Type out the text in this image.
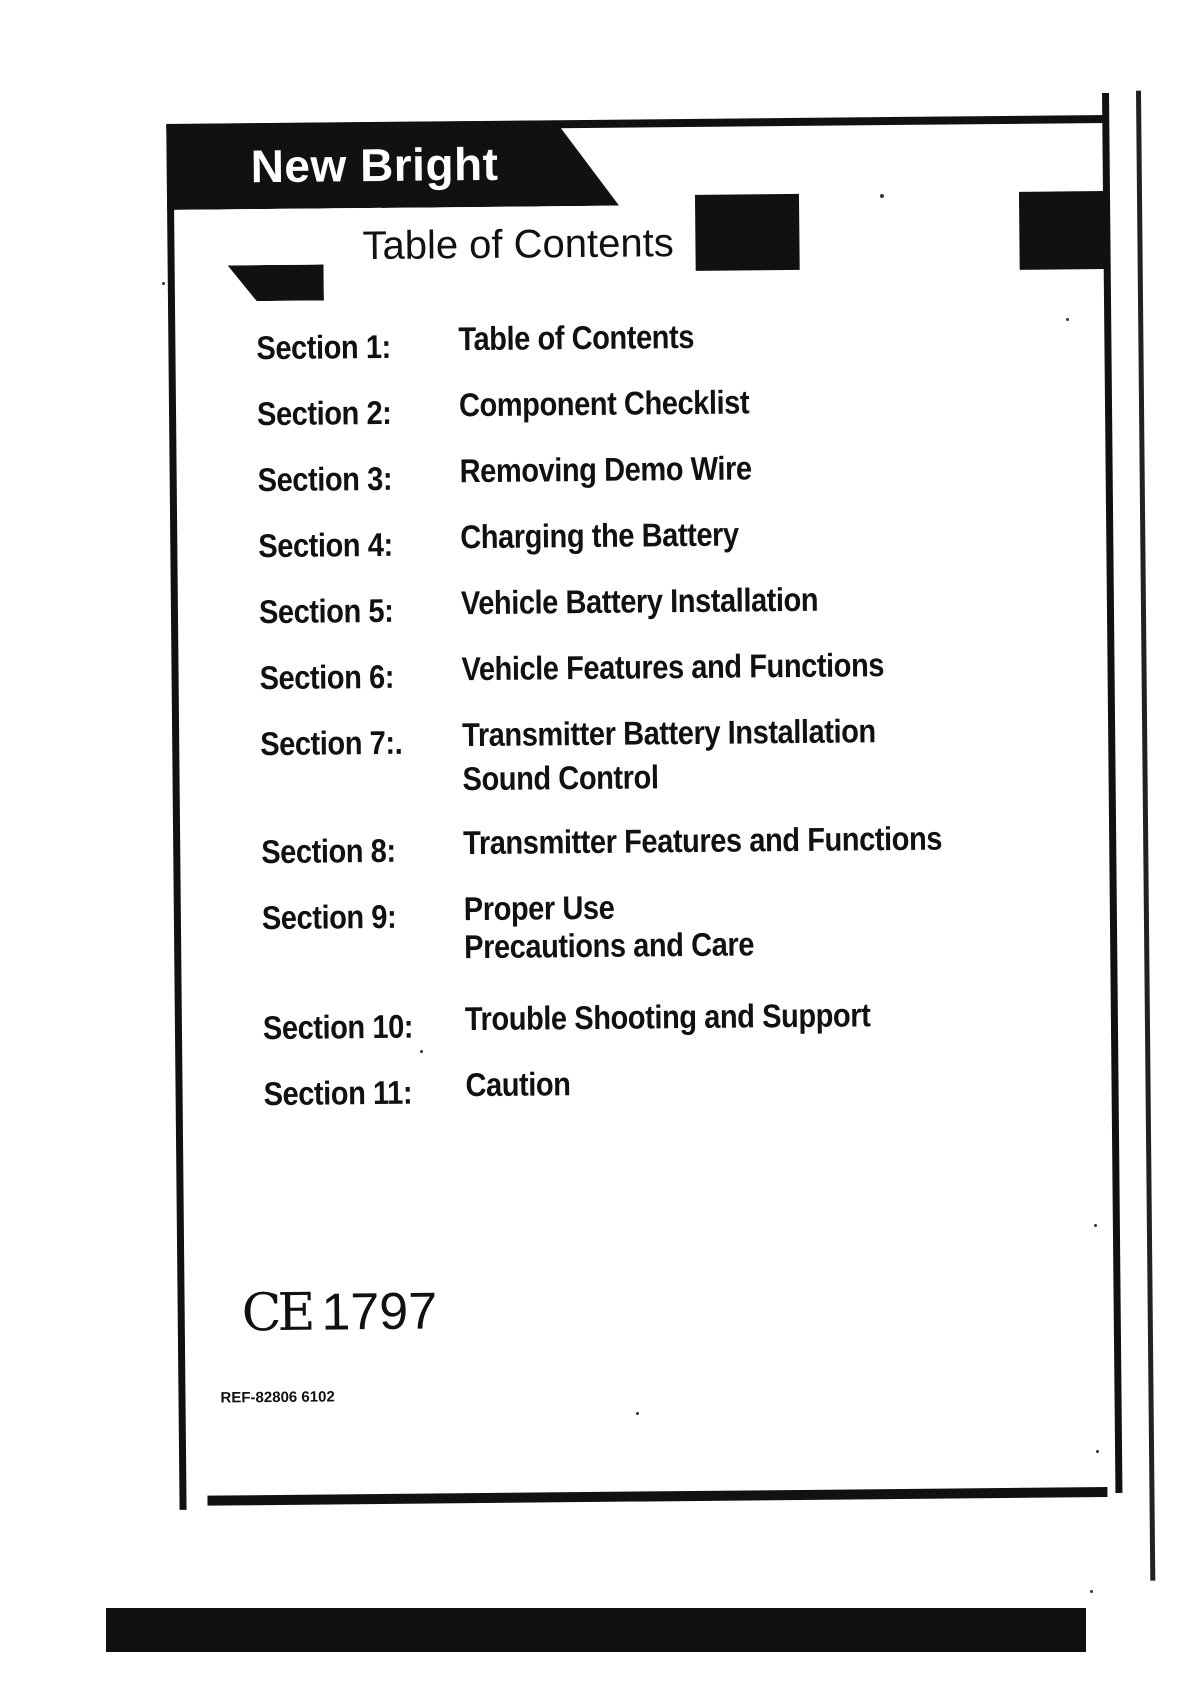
New Bright
Table of Contents
Section 1: Table of Contents
Section 2: Component Checklist
Section 3: Removing Demo Wire
Section 4: Charging the Battery
Section 5: Vehicle Battery Installation
Section 6: Vehicle Features and Functions
Section 7:. Transmitter Battery Installation
Sound Control
Section 8: Transmitter Features and Functions
Section 9: Proper Use
Precautions and Care
Section 10: Trouble Shooting and Support
Section 11: Caution
CE 1797
REF-82806 6102
